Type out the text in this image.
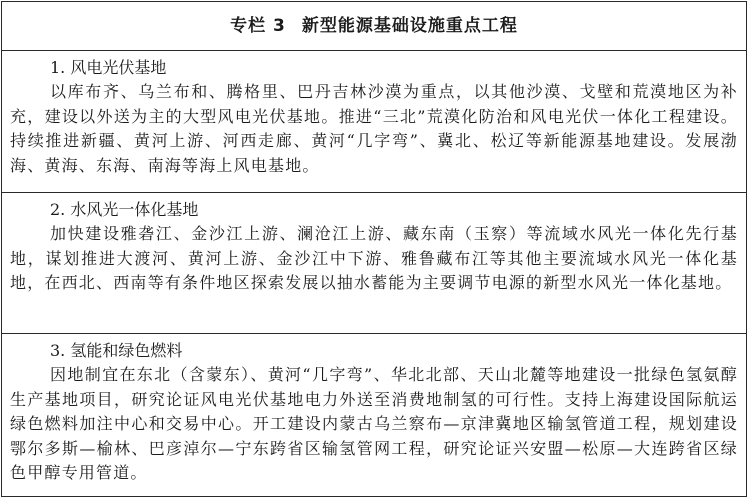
专栏 3 新型能源基础设施重点工程
1. 风电光伏基地

以库布齐、乌兰布和、腾格里、巴丹吉林沙漠为重点，以其他沙漠、戈壁和荒漠地区为补充，建设以外送为主的大型风电光伏基地。推进“三北”荒漠化防治和风电光伏一体化工程建设。持续推进新疆、黄河上游、河西走廊、黄河“几字弯”、冀北、松辽等新能源基地建设。发展渤海、黄海、东海、南海等海上风电基地。

2. 水风光一体化基地

加快建设雅砻江、金沙江上游、澜沧江上游、藏东南（玉察）等流域水风光一体化先行基地，谋划推进大渡河、黄河上游、金沙江中下游、雅鲁藏布江等其他主要流域水风光一体化基地，在西北、西南等有条件地区探索发展以抽水蓄能为主要调节电源的新型水风光一体化基地。

3. 氢能和绿色燃料

因地制宜在东北（含蒙东）、黄河“几字弯”、华北北部、天山北麓等地建设一批绿色氢氨醇生产基地项目，研究论证风电光伏基地电力外送至消费地制氢的可行性。支持上海建设国际航运绿色燃料加注中心和交易中心。开工建设内蒙古乌兰察布—京津冀地区输氢管道工程，规划建设鄂尔多斯—榆林、巴彦淖尔—宁东跨省区输氢管网工程，研究论证兴安盟—松原—大连跨省区绿色甲醇专用管道。
